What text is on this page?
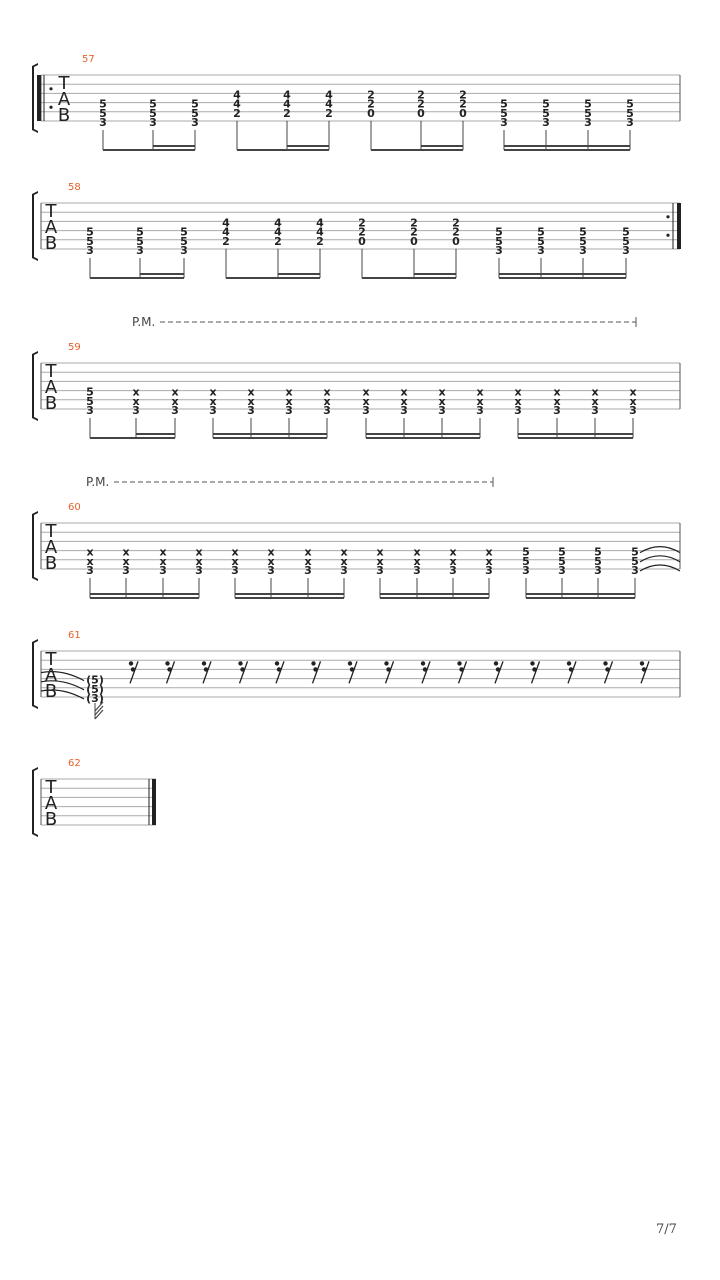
57
T
A
B
5
5
3
5
5
3
5
5
3
4
4
2
4
4
2
4
4
2
2
2
0
2
2
0
2
2
0
5
5
3
5
5
3
5
5
3
5
5
3
58
T
A
B
5
5
3
5
5
3
5
5
3
4
4
2
4
4
2
4
4
2
2
2
0
2
2
0
2
2
0
5
5
3
5
5
3
5
5
3
5
5
3
59
T
A
B
P.M.
5
5
3
x
x
3
x
x
3
x
x
3
x
x
3
x
x
3
x
x
3
x
x
3
x
x
3
x
x
3
x
x
3
x
x
3
x
x
3
x
x
3
x
x
3
60
T
A
B
P.M.
x
x
3
x
x
3
x
x
3
x
x
3
x
x
3
x
x
3
x
x
3
x
x
3
x
x
3
x
x
3
x
x
3
x
x
3
5
5
3
5
5
3
5
5
3
5
5
3
61
T
A
B
(5)
(5)
(3)
62
T
A
B
7/7
